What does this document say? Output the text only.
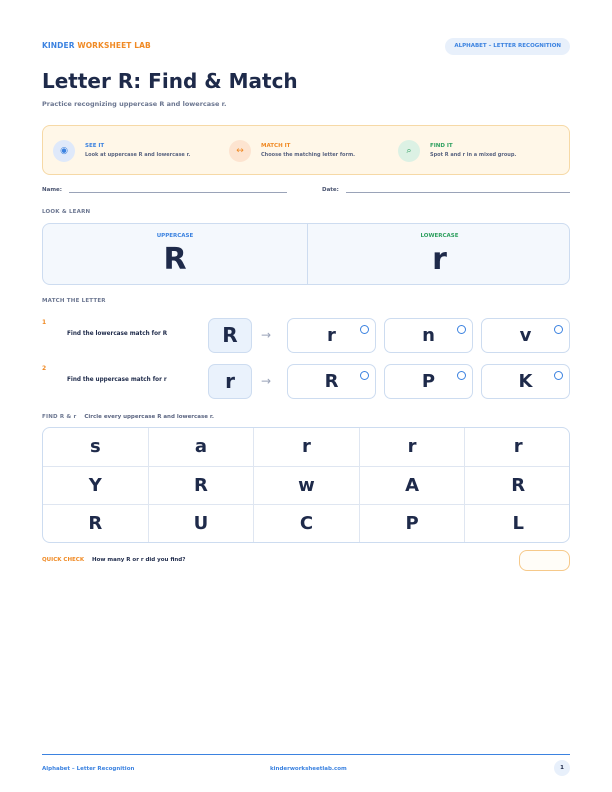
KINDER WORKSHEET LAB	ALPHABET – LETTER RECOGNITION
Letter R: Find & Match
Practice recognizing uppercase R and lowercase r.
◉	SEE IT
Look at uppercase R and lowercase r.	↔	MATCH IT
Choose the matching letter form.	⌕	FIND IT
Spot R and r in a mixed group.
Name:	Date:
LOOK & LEARN
UPPERCASE
R
LOWERCASE
r
MATCH THE LETTER
1
Find the lowercase match for R	R	→	r	n	v
2
Find the uppercase match for r	r	→	R	P	K
FIND R & r Circle every uppercase R and lowercase r.
s	a	r	r	r
Y	R	w	A	R
R	U	C	P	L
QUICK CHECK How many R or r did you find?
Alphabet – Letter Recognition	kinderworksheetlab.com	1
